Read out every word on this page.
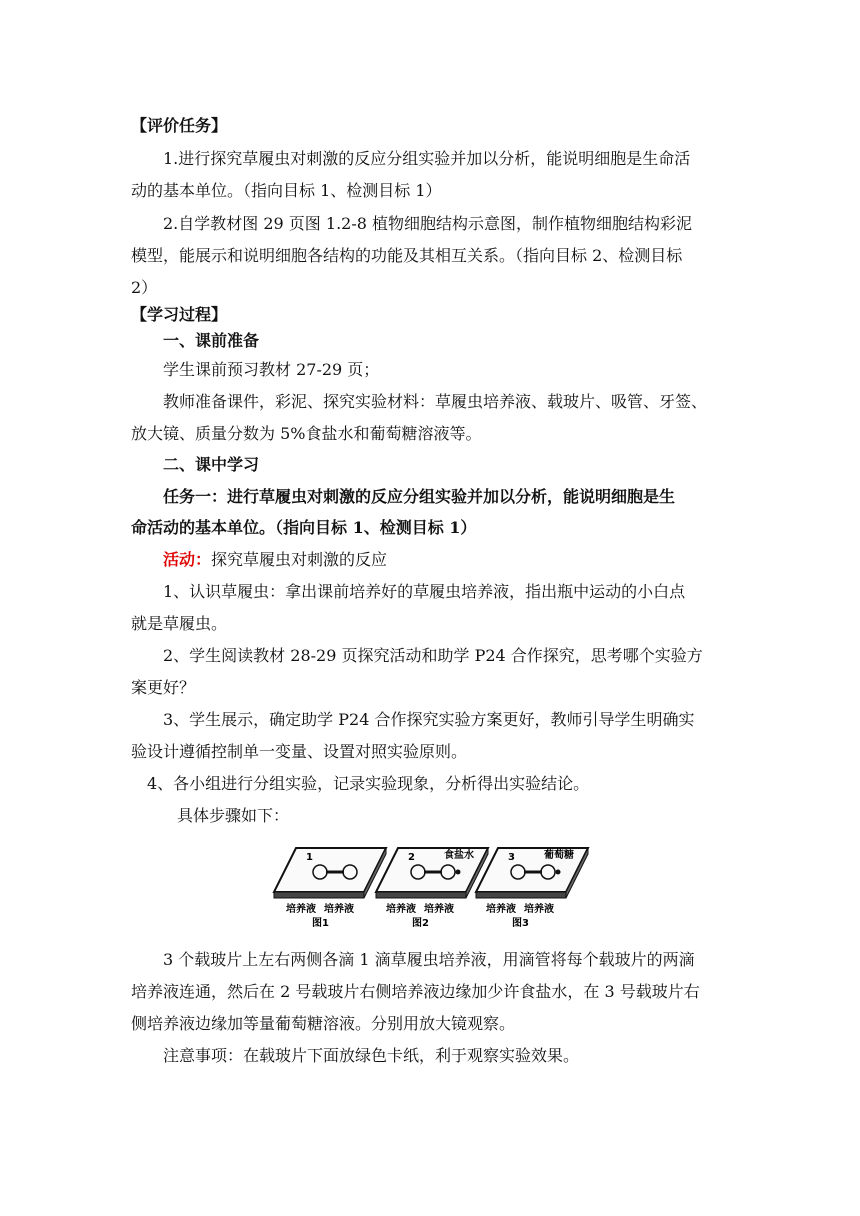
【评价任务】
1.进行探究草履虫对刺激的反应分组实验并加以分析，能说明细胞是生命活
动的基本单位。（指向目标 1、检测目标 1）
2.自学教材图 29 页图 1.2-8 植物细胞结构示意图，制作植物细胞结构彩泥
模型，能展示和说明细胞各结构的功能及其相互关系。（指向目标 2、检测目标
2）
【学习过程】
一、课前准备
学生课前预习教材 27-29 页；
教师准备课件，彩泥、探究实验材料：草履虫培养液、载玻片、吸管、牙签、
放大镜、质量分数为 5%食盐水和葡萄糖溶液等。
二、课中学习
任务一：进行草履虫对刺激的反应分组实验并加以分析，能说明细胞是生
命活动的基本单位。（指向目标 1、检测目标 1）
活动：探究草履虫对刺激的反应
1、认识草履虫：拿出课前培养好的草履虫培养液，指出瓶中运动的小白点
就是草履虫。
2、学生阅读教材 28-29 页探究活动和助学 P24 合作探究，思考哪个实验方
案更好？
3、学生展示，确定助学 P24 合作探究实验方案更好，教师引导学生明确实
验设计遵循控制单一变量、设置对照实验原则。
4、各小组进行分组实验，记录实验现象，分析得出实验结论。
具体步骤如下：
1
培养液 培养液
图1
2	食盐水
培养液 培养液
图2
3	葡萄糖
培养液 培养液
图3
3 个载玻片上左右两侧各滴 1 滴草履虫培养液，用滴管将每个载玻片的两滴
培养液连通，然后在 2 号载玻片右侧培养液边缘加少许食盐水，在 3 号载玻片右
侧培养液边缘加等量葡萄糖溶液。分别用放大镜观察。
注意事项：在载玻片下面放绿色卡纸，利于观察实验效果。
